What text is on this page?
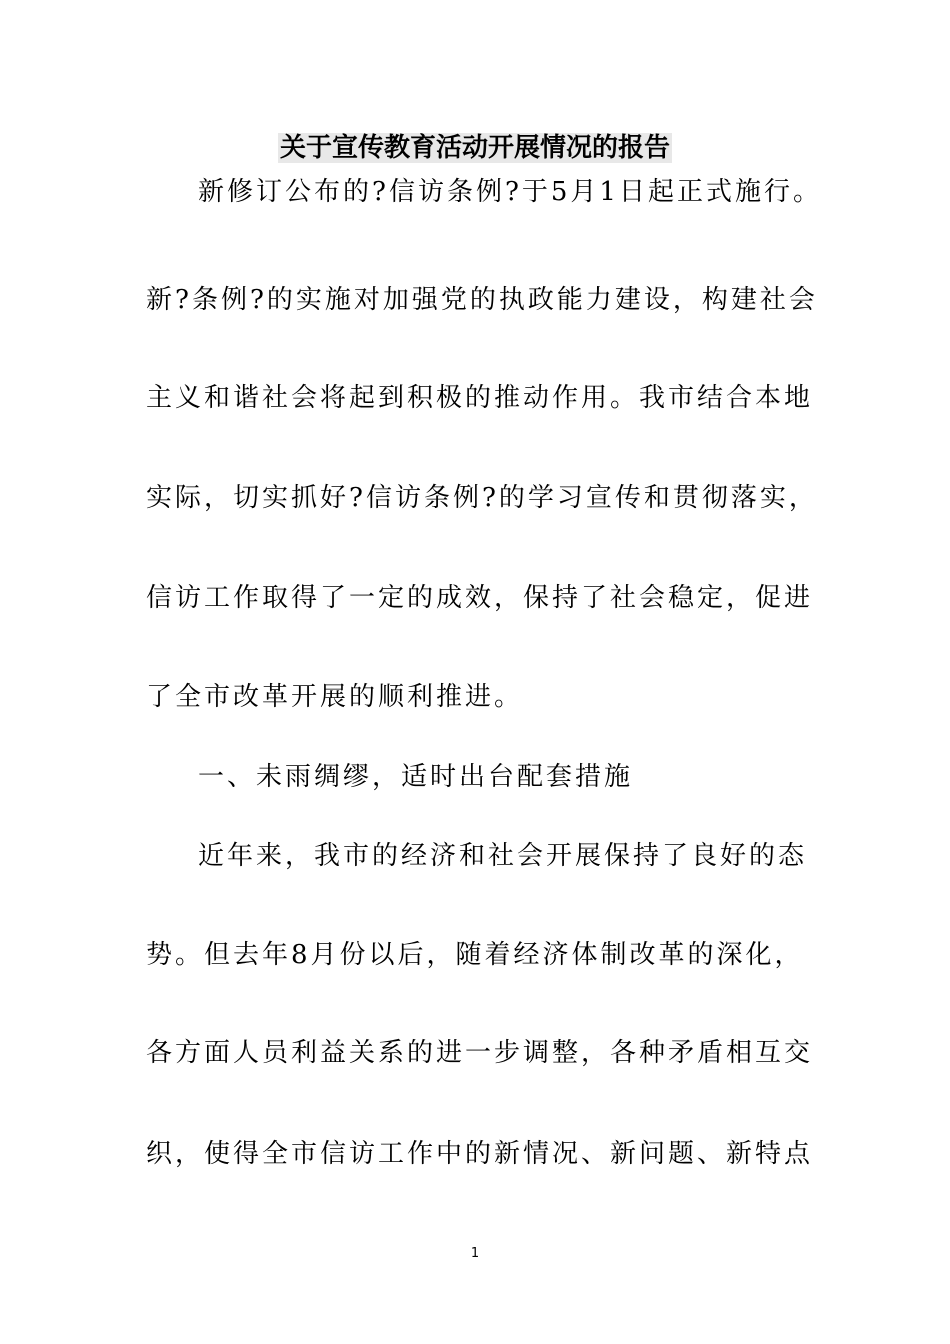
关于宣传教育活动开展情况的报告
新修订公布的?信访条例?于5月1日起正式施行。
新?条例?的实施对加强党的执政能力建设，构建社会
主义和谐社会将起到积极的推动作用。我市结合本地
实际，切实抓好?信访条例?的学习宣传和贯彻落实，
信访工作取得了一定的成效，保持了社会稳定，促进
了全市改革开展的顺利推进。
一、未雨绸缪，适时出台配套措施
近年来，我市的经济和社会开展保持了良好的态
势。但去年8月份以后，随着经济体制改革的深化，
各方面人员利益关系的进一步调整，各种矛盾相互交
织，使得全市信访工作中的新情况、新问题、新特点
1
